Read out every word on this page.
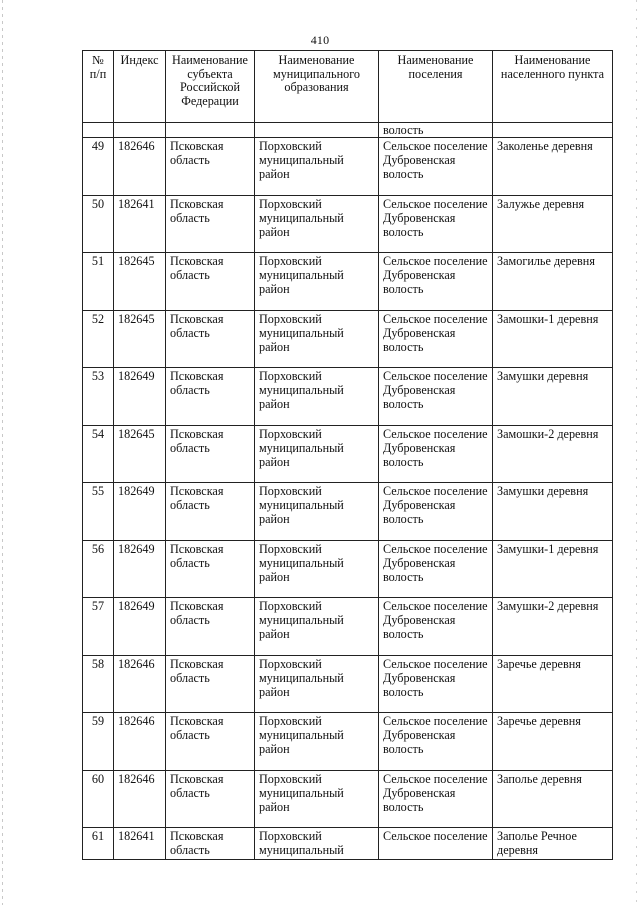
410
№ п/п	Индекс	Наименование субъекта Российской Федерации	Наименование муниципального образования	Наименование поселения	Наименование населенного пункта
				волость	
49	182646	Псковская область	Порховский муниципальный район	Сельское поселение Дубровенская волость	Заколенье деревня
50	182641	Псковская область	Порховский муниципальный район	Сельское поселение Дубровенская волость	Залужье деревня
51	182645	Псковская область	Порховский муниципальный район	Сельское поселение Дубровенская волость	Замогилье деревня
52	182645	Псковская область	Порховский муниципальный район	Сельское поселение Дубровенская волость	Замошки-1 деревня
53	182649	Псковская область	Порховский муниципальный район	Сельское поселение Дубровенская волость	Замушки деревня
54	182645	Псковская область	Порховский муниципальный район	Сельское поселение Дубровенская волость	Замошки-2 деревня
55	182649	Псковская область	Порховский муниципальный район	Сельское поселение Дубровенская волость	Замушки деревня
56	182649	Псковская область	Порховский муниципальный район	Сельское поселение Дубровенская волость	Замушки-1 деревня
57	182649	Псковская область	Порховский муниципальный район	Сельское поселение Дубровенская волость	Замушки-2 деревня
58	182646	Псковская область	Порховский муниципальный район	Сельское поселение Дубровенская волость	Заречье деревня
59	182646	Псковская область	Порховский муниципальный район	Сельское поселение Дубровенская волость	Заречье деревня
60	182646	Псковская область	Порховский муниципальный район	Сельское поселение Дубровенская волость	Заполье деревня
61	182641	Псковская область	Порховский муниципальный	Сельское поселение	Заполье Речное деревня
